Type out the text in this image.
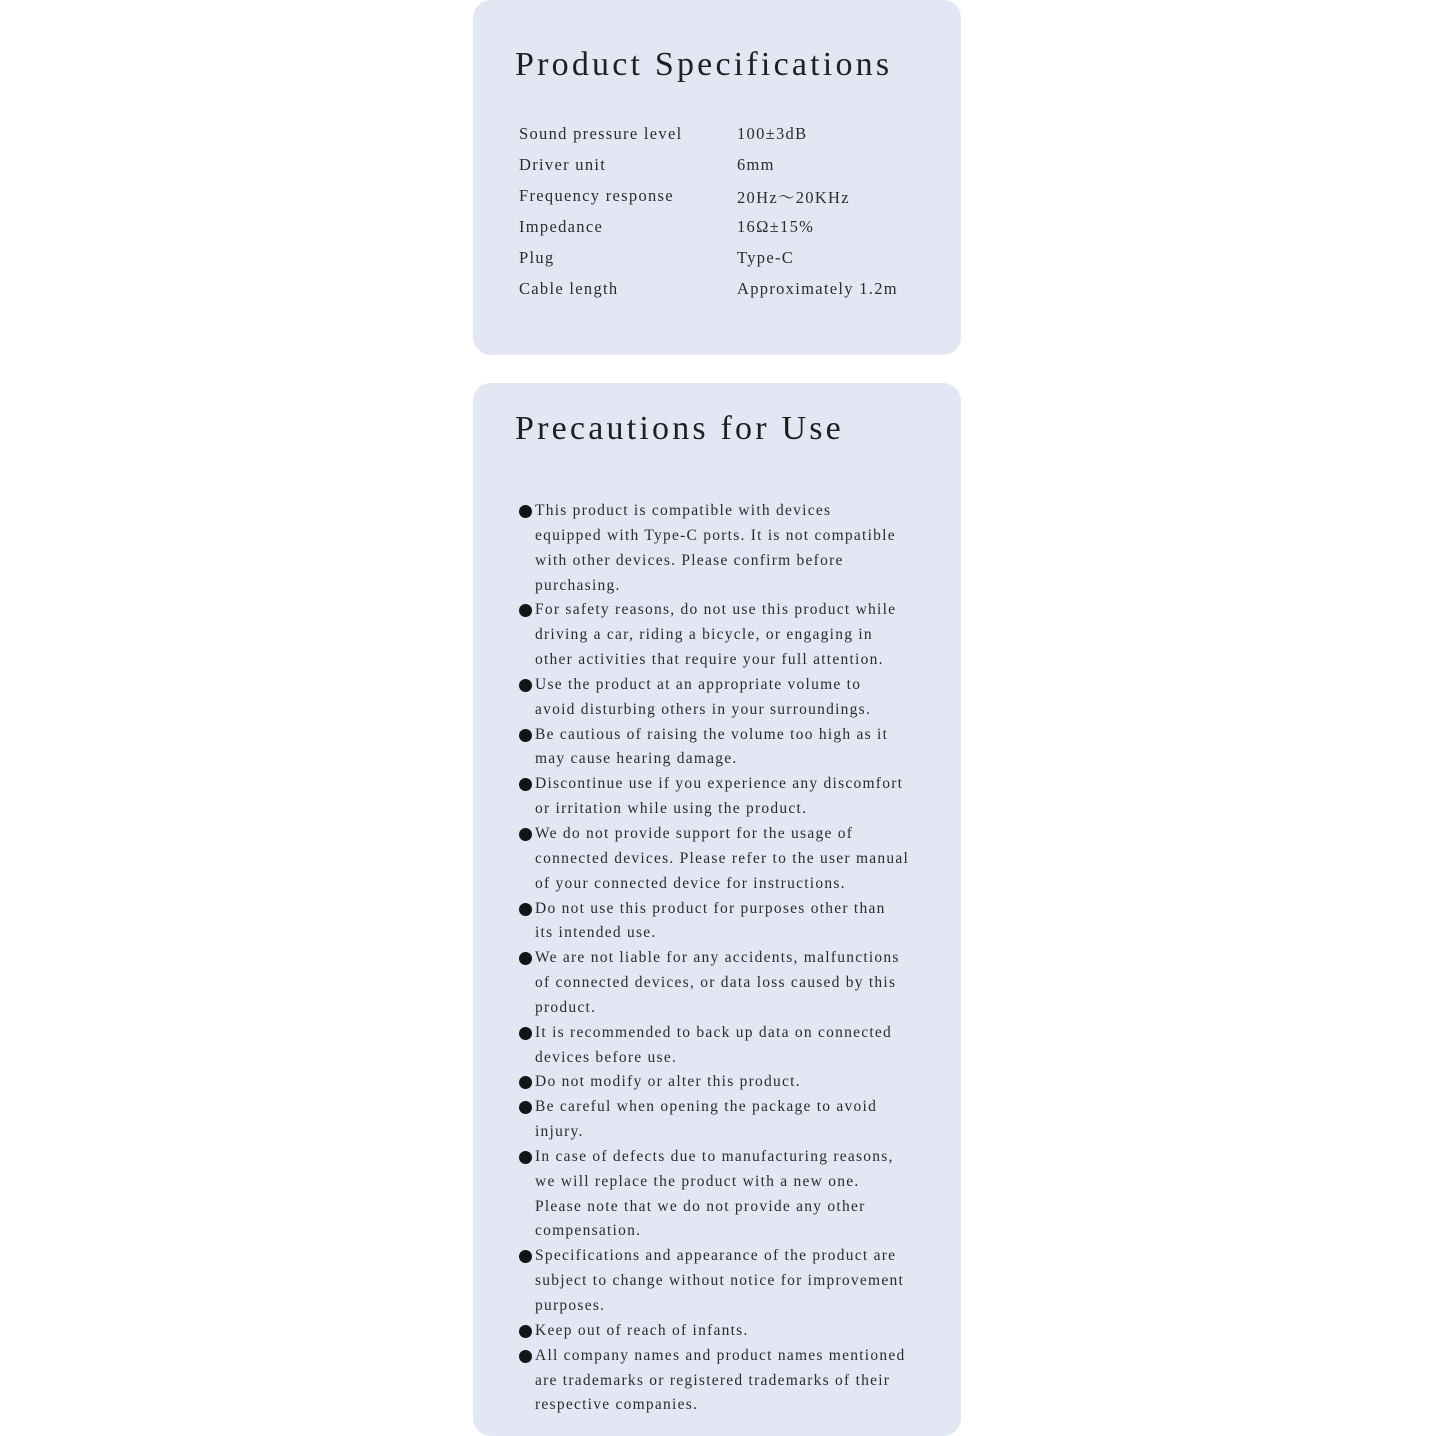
Product Specifications
Sound pressure level	100±3dB
Driver unit	6mm
Frequency response	20Hz～20KHz
Impedance	16Ω±15%
Plug	Type-C
Cable length	Approximately 1.2m
Precautions for Use
This product is compatible with devices
equipped with Type-C ports. It is not compatible
with other devices. Please confirm before
purchasing.
For safety reasons, do not use this product while
driving a car, riding a bicycle, or engaging in
other activities that require your full attention.
Use the product at an appropriate volume to
avoid disturbing others in your surroundings.
Be cautious of raising the volume too high as it
may cause hearing damage.
Discontinue use if you experience any discomfort
or irritation while using the product.
We do not provide support for the usage of
connected devices. Please refer to the user manual
of your connected device for instructions.
Do not use this product for purposes other than
its intended use.
We are not liable for any accidents, malfunctions
of connected devices, or data loss caused by this
product.
It is recommended to back up data on connected
devices before use.
Do not modify or alter this product.
Be careful when opening the package to avoid
injury.
In case of defects due to manufacturing reasons,
we will replace the product with a new one.
Please note that we do not provide any other
compensation.
Specifications and appearance of the product are
subject to change without notice for improvement
purposes.
Keep out of reach of infants.
All company names and product names mentioned
are trademarks or registered trademarks of their
respective companies.
